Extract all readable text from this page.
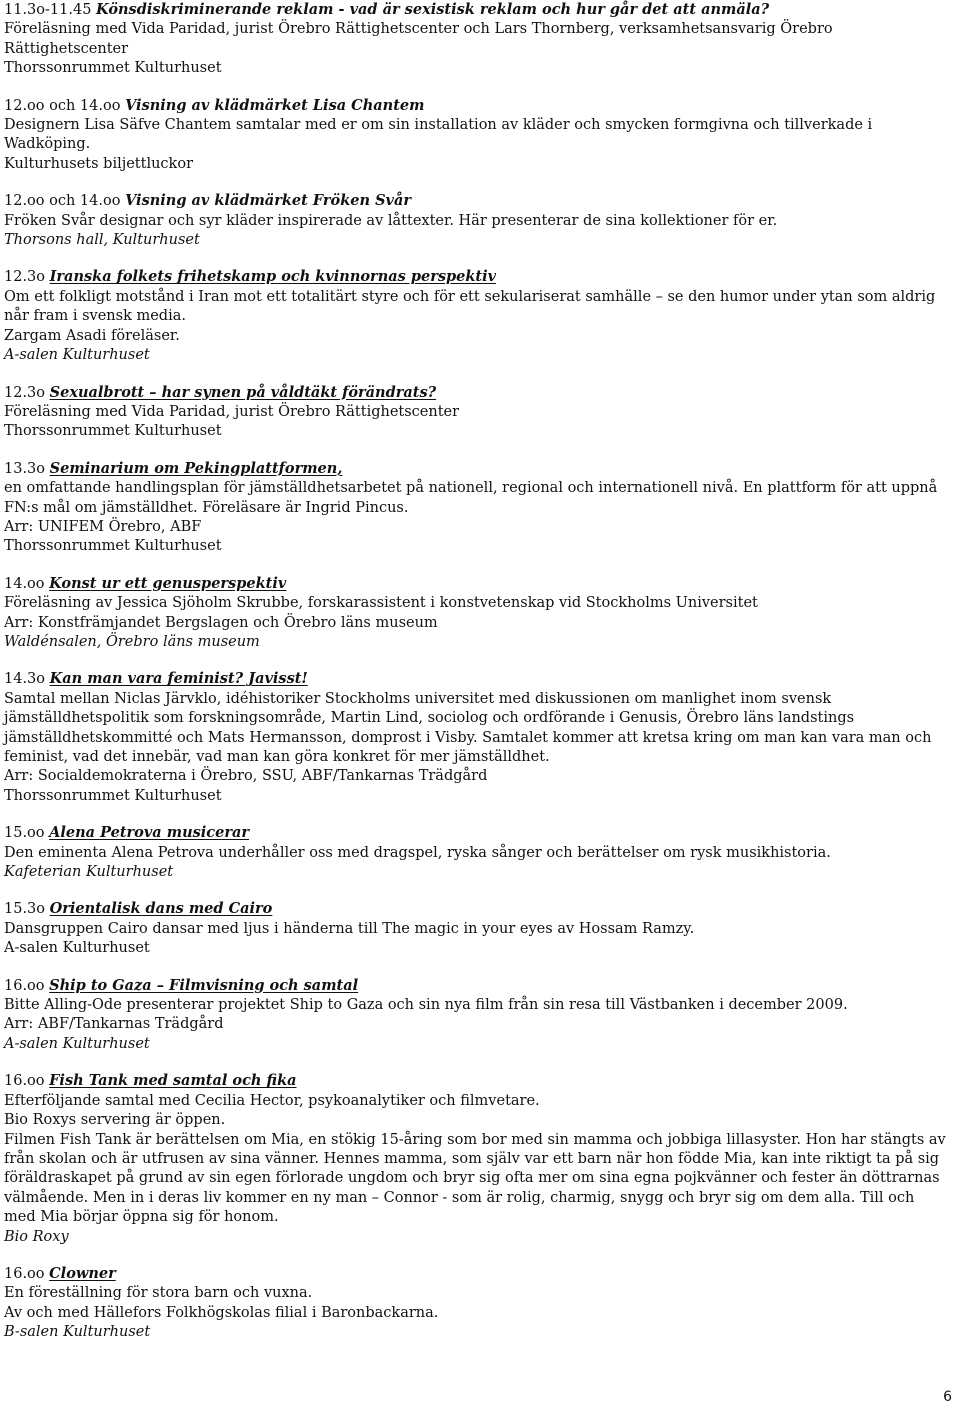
11.3o-11.45 Könsdiskriminerande reklam - vad är sexistisk reklam och hur går det att anmäla?

Föreläsning med Vida Paridad, jurist Örebro Rättighetscenter och Lars Thornberg, verksamhetsansvarig Örebro Rättighetscenter

Thorssonrummet Kulturhuset

12.oo och 14.oo Visning av klädmärket Lisa Chantem

Designern Lisa Säfve Chantem samtalar med er om sin installation av kläder och smycken formgivna och tillverkade i Wadköping.

Kulturhusets biljettluckor

12.oo och 14.oo Visning av klädmärket Fröken Svår

Fröken Svår designar och syr kläder inspirerade av låttexter. Här presenterar de sina kollektioner för er.

Thorsons hall, Kulturhuset

12.3o Iranska folkets frihetskamp och kvinnornas perspektiv

Om ett folkligt motstånd i Iran mot ett totalitärt styre och för ett sekulariserat samhälle – se den humor under ytan som aldrig når fram i svensk media.

Zargam Asadi föreläser.

A-salen Kulturhuset

12.3o Sexualbrott – har synen på våldtäkt förändrats?

Föreläsning med Vida Paridad, jurist Örebro Rättighetscenter

Thorssonrummet Kulturhuset

13.3o Seminarium om Pekingplattformen,

en omfattande handlingsplan för jämställdhetsarbetet på nationell, regional och internationell nivå. En plattform för att uppnå FN:s mål om jämställdhet. Föreläsare är Ingrid Pincus.

Arr: UNIFEM Örebro, ABF

Thorssonrummet Kulturhuset

14.oo Konst ur ett genusperspektiv

Föreläsning av Jessica Sjöholm Skrubbe, forskarassistent i konstvetenskap vid Stockholms Universitet

Arr: Konstfrämjandet Bergslagen och Örebro läns museum

Waldénsalen, Örebro läns museum

14.3o Kan man vara feminist? Javisst!

Samtal mellan Niclas Järvklo, idéhistoriker Stockholms universitet med diskussionen om manlighet inom svensk jämställdhetspolitik som forskningsområde, Martin Lind, sociolog och ordförande i Genusis, Örebro läns landstings jämställdhetskommitté och Mats Hermansson, domprost i Visby. Samtalet kommer att kretsa kring om man kan vara man och feminist, vad det innebär, vad man kan göra konkret för mer jämställdhet.

Arr: Socialdemokraterna i Örebro, SSU, ABF/Tankarnas Trädgård

Thorssonrummet Kulturhuset

15.oo Alena Petrova musicerar

Den eminenta Alena Petrova underhåller oss med dragspel, ryska sånger och berättelser om rysk musikhistoria.

Kafeterian Kulturhuset

15.3o Orientalisk dans med Cairo

Dansgruppen Cairo dansar med ljus i händerna till The magic in your eyes av Hossam Ramzy.

A-salen Kulturhuset

16.oo Ship to Gaza – Filmvisning och samtal

Bitte Alling-Ode presenterar projektet Ship to Gaza och sin nya film från sin resa till Västbanken i december 2009.

Arr: ABF/Tankarnas Trädgård

A-salen Kulturhuset

16.oo Fish Tank med samtal och fika

Efterföljande samtal med Cecilia Hector, psykoanalytiker och filmvetare.

Bio Roxys servering är öppen.

Filmen Fish Tank är berättelsen om Mia, en stökig 15-åring som bor med sin mamma och jobbiga lillasyster. Hon har stängts av från skolan och är utfrusen av sina vänner. Hennes mamma, som själv var ett barn när hon födde Mia, kan inte riktigt ta på sig föräldraskapet på grund av sin egen förlorade ungdom och bryr sig ofta mer om sina egna pojkvänner och fester än döttrarnas välmående. Men in i deras liv kommer en ny man – Connor - som är rolig, charmig, snygg och bryr sig om dem alla. Till och med Mia börjar öppna sig för honom.

Bio Roxy

16.oo Clowner

En föreställning för stora barn och vuxna.

Av och med Hällefors Folkhögskolas filial i Baronbackarna.

B-salen Kulturhuset

6
